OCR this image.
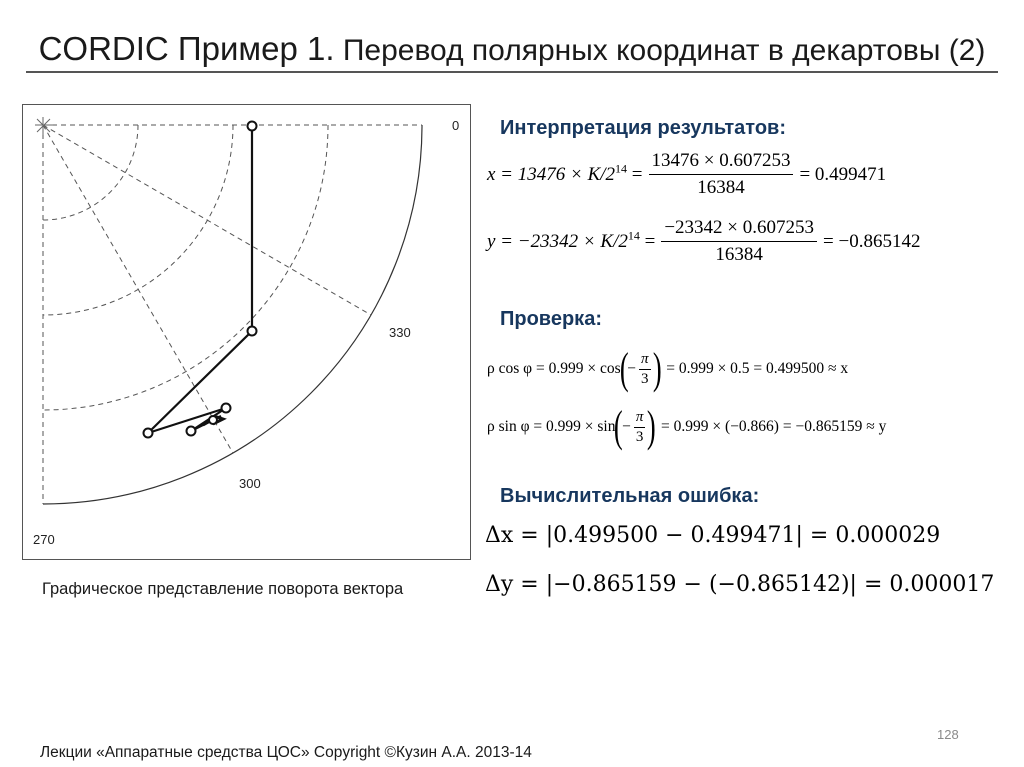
CORDIC Пример 1. Перевод полярных координат в декартовы (2)
0
330
300
270
Графическое представление поворота вектора
Интерпретация результатов:
$x = 13476 \times K/2^{14} = \frac{13476 \times 0.607253}{16384} = 0.499471$
$y = -23342 \times K/2^{14} = \frac{-23342 \times 0.607253}{16384} = -0.865142$
Проверка:
ρ cos φ = 0.999 × cos
(
− $\frac{\pi}{3}$ ) = 0.999 × 0.5 = 0.499500 ≈ x
ρ sin φ = 0.999 × sin
(
− $\frac{\pi}{3}$ ) = 0.999 × (−0.866) = −0.865159 ≈ y
Вычислительная ошибка:
Δx = |0.499500 − 0.499471| = 0.000029
Δy = |−0.865159 − (−0.865142)| = 0.000017
Лекции «Аппаратные средства ЦОС» Copyright ©Кузин А.А. 2013-14
128
